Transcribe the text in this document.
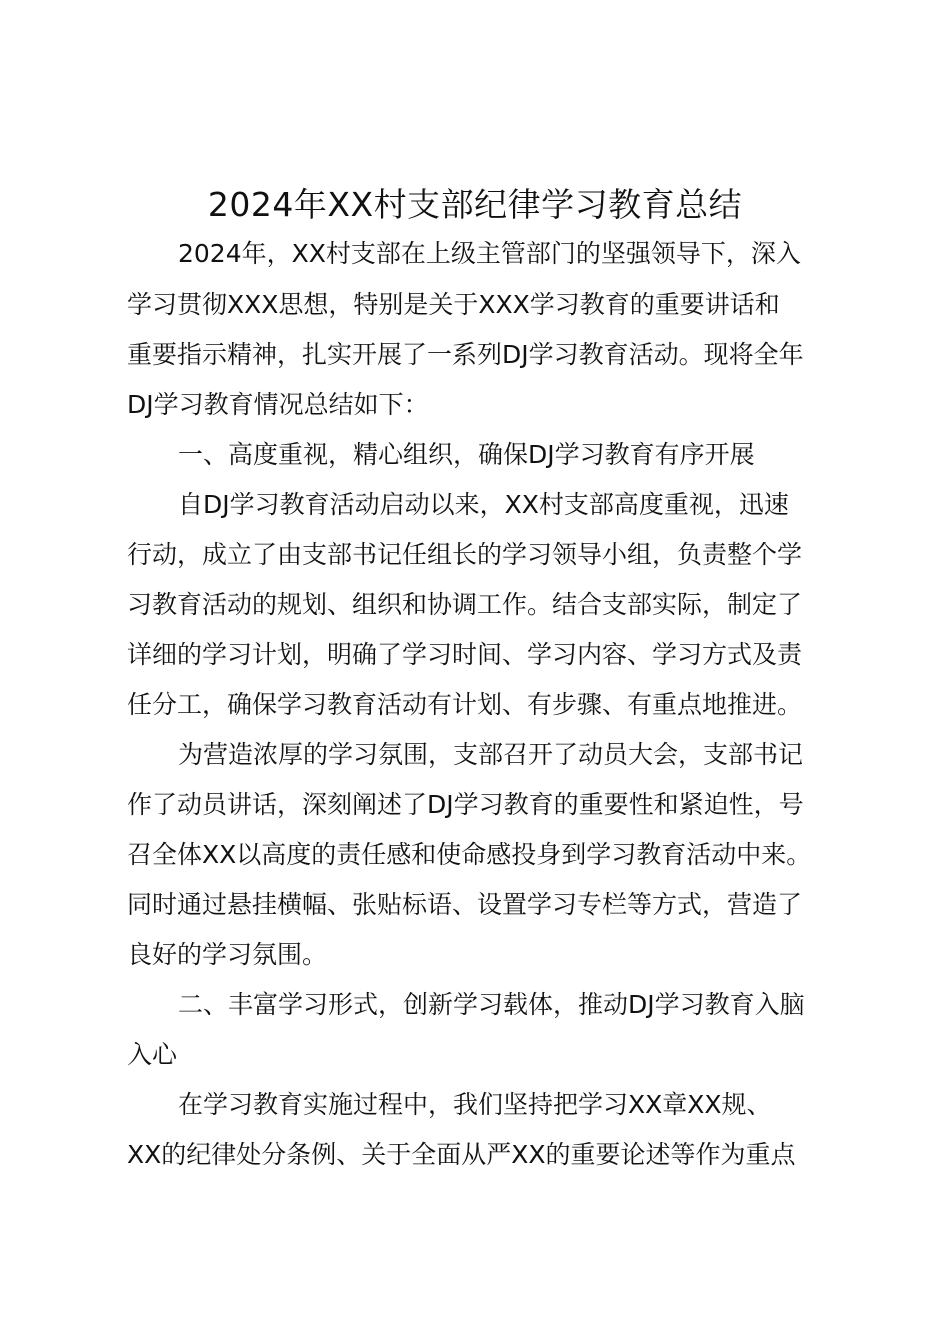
2024年XX村支部纪律学习教育总结

2024年，XX村支部在上级主管部门的坚强领导下，深入

学习贯彻XXX思想，特别是关于XXX学习教育的重要讲话和

重要指示精神，扎实开展了一系列DJ学习教育活动。现将全年

DJ学习教育情况总结如下：

一、高度重视，精心组织，确保DJ学习教育有序开展

自DJ学习教育活动启动以来，XX村支部高度重视，迅速

行动，成立了由支部书记任组长的学习领导小组，负责整个学

习教育活动的规划、组织和协调工作。结合支部实际，制定了

详细的学习计划，明确了学习时间、学习内容、学习方式及责

任分工，确保学习教育活动有计划、有步骤、有重点地推进。

为营造浓厚的学习氛围，支部召开了动员大会，支部书记

作了动员讲话，深刻阐述了DJ学习教育的重要性和紧迫性，号

召全体XX以高度的责任感和使命感投身到学习教育活动中来。

同时通过悬挂横幅、张贴标语、设置学习专栏等方式，营造了

良好的学习氛围。

二、丰富学习形式，创新学习载体，推动DJ学习教育入脑

入心

在学习教育实施过程中，我们坚持把学习XX章XX规、

XX的纪律处分条例、关于全面从严XX的重要论述等作为重点
